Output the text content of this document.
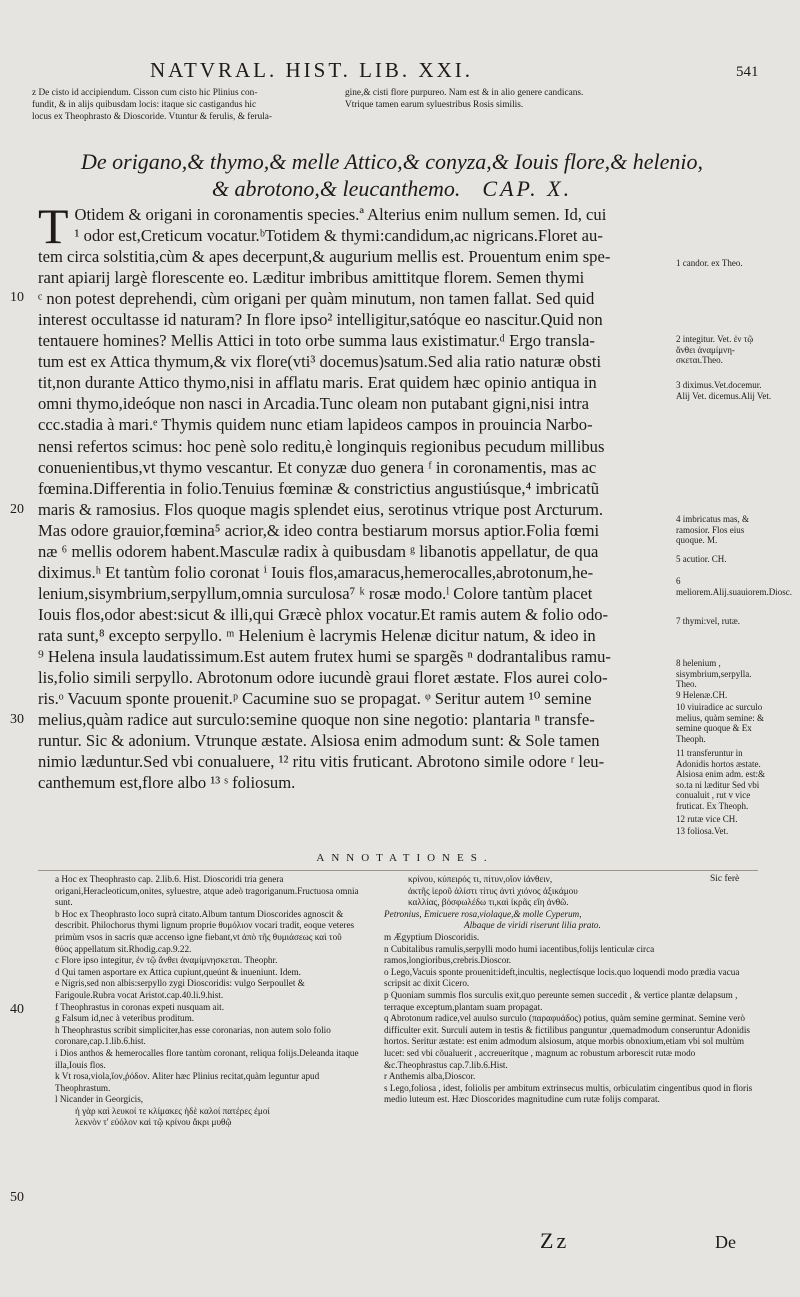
NATVRAL. HIST. LIB. XXI.	541
z De cisto id accipiendum. Cisson cum cisto hic Plinius con-
fundit, & in alijs quibusdam locis: itaque sic castigandus hic
locus ex Theophrasto & Dioscoride. Vtuntur & ferulis, & ferula-
gine,& cisti flore purpureo. Nam est & in alio genere candicans.
Vtrique tamen earum syluestribus Rosis similis.
De origano,& thymo,& melle Attico,& conyza,& Iouis flore,& helenio,
& abrotono,& leucanthemo. CAP. X.
T Otidem & origani in coronamentis species.ª Alterius enim nullum semen. Id, cui
¹ odor est,Creticum vocatur.ᵇTotidem & thymi:candidum,ac nigricans.Floret au-
tem circa solstitia,cùm & apes decerpunt,& augurium mellis est. Prouentum enim spe-
rant apiarij largè florescente eo. Læditur imbribus amittitque florem. Semen thymi
ᶜ non potest deprehendi, cùm origani per quàm minutum, non tamen fallat. Sed quid
interest occultasse id naturam? In flore ipso² intelligitur,satóque eo nascitur.Quid non
tentauere homines? Mellis Attici in toto orbe summa laus existimatur.ᵈ Ergo transla-
tum est ex Attica thymum,& vix flore(vti³ docemus)satum.Sed alia ratio naturæ obsti
tit,non durante Attico thymo,nisi in afflatu maris. Erat quidem hæc opinio antiqua in
omni thymo,ideóque non nasci in Arcadia.Tunc oleam non putabant gigni,nisi intra
ccc.stadia à mari.ᵉ Thymis quidem nunc etiam lapideos campos in prouincia Narbo-
nensi refertos scimus: hoc penè solo reditu,è longinquis regionibus pecudum millibus
conuenientibus,vt thymo vescantur. Et conyzæ duo genera ᶠ in coronamentis, mas ac
fœmina.Differentia in folio.Tenuius fœminæ & constrictius angustiúsque,⁴ imbricatũ
maris & ramosius. Flos quoque magis splendet eius, serotinus vtrique post Arcturum.
Mas odore grauior,fœmina⁵ acrior,& ideo contra bestiarum morsus aptior.Folia fœmi
næ ⁶ mellis odorem habent.Masculæ radix à quibusdam ᵍ libanotis appellatur, de qua
diximus.ʰ Et tantùm folio coronat ⁱ Iouis flos,amaracus,hemerocalles,abrotonum,he-
lenium,sisymbrium,serpyllum,omnia surculosa⁷ ᵏ rosæ modo.ˡ Colore tantùm placet
Iouis flos,odor abest:sicut & illi,qui Græcè phlox vocatur.Et ramis autem & folio odo-
rata sunt,⁸ excepto serpyllo. ᵐ Helenium è lacrymis Helenæ dicitur natum, & ideo in
⁹ Helena insula laudatissimum.Est autem frutex humi se spargẽs ⁿ dodrantalibus ramu-
lis,folio simili serpyllo. Abrotonum odore iucundè graui floret æstate. Flos aurei colo-
ris.ᵒ Vacuum sponte prouenit.ᵖ Cacumine suo se propagat. ᵠ Seritur autem ¹⁰ semine
melius,quàm radice aut surculo:semine quoque non sine negotio: plantaria ⁿ transfe-
runtur. Sic & adonium. Vtrunque æstate. Alsiosa enim admodum sunt: & Sole tamen
nimio læduntur.Sed vbi conualuere, ¹² ritu vitis fruticant. Abrotono simile odore ʳ leu-
canthemum est,flore albo ¹³ ˢ foliosum.
10
20
30
40
50
1 candor. ex Theo.
2 integitur. Vet. ἐν τῷ ἄνθει ἀναμίμνη-σκεται.Theo.
3 diximus.Vet.docemur. Alij Vet. dicemus.Alij Vet.
4 imbricatus mas, & ramosior. Flos eius quoque. M.
5 acutior. CH.
6 meliorem.Alij.suauiorem.Diosc.
7 thymi:vel, rutæ.
8 helenium , sisymbrium,serpylla. Theo.
9 Helenæ.CH.
10 viuiradice ac surculo melius, quàm semine: & semine quoque & Ex Theoph.
11 transferuntur in Adonidis hortos æstate. Alsiosa enim adm. est:& so.ta ni læditur Sed vbi conualuit , rut v vice fruticat. Ex Theoph.
12 rutæ vice CH.
13 foliosa.Vet.
ANNOTATIONES.

a Hoc ex Theophrasto cap. 2.lib.6. Hist. Dioscoridi tria genera origani,Heracleoticum,onites, syluestre, atque adeò tragoriganum.Fructuosa omnia sunt.

b Hoc ex Theophrasto loco suprà citato.Album tantum Dioscorides agnoscit & describit. Philochorus thymi lignum proprie θυμόλιον vocari tradit, eoque veteres primùm vsos in sacris quæ accenso igne fiebant,vt ἀπὸ τῆς θυμιάσεως καὶ τοῦ θύος appellatum sit.Rhodig.cap.9.22.

c Flore ipso integitur, ἐν τῷ ἄνθει ἀναμίμνησκεται. Theophr.

d Qui tamen asportare ex Attica cupiunt,queúnt & inueniunt. Idem.

e Nigris,sed non albis:serpyllo zygi Dioscoridis: vulgo Serpoullet & Farigoule.Rubra vocat Aristot.cap.40.li.9.hist.

f Theophrastus in coronas expeti nusquam ait.

g Falsum id,nec à veteribus proditum.

h Theophrastus scribit simpliciter,has esse coronarias, non autem solo folio coronare,cap.1.lib.6.hist.

i Dios anthos & hemerocalles flore tantùm coronant, reliqua folijs.Deleanda itaque illa,Iouis flos.

k Vt rosa,viola,ἴον,ῥόδον. Aliter hæc Plinius recitat,quàm leguntur apud Theophrastum.

l Nicander in Georgicis,

ἠ γὰρ καὶ λευκοί τε κλίμακες ἠδὲ καλοί πατέρες ἐμοί

λεκνὸν τ' εὐόλον καὶ τῷ κρίνου ἄκρι μυθῷ

κρίνου, κύπειρός τι, πίτυν,οἵον ἰάνθειν,

ἀκτῆς ἱεροῦ ἁλίστι τίτυς ἀντὶ χιόνος ἀξικάμου

καλλίας, βόσφωλέδω τι,καὶ ἰκρᾶς εἴη ἀνθῶ.

Petronius, Emicuere rosa,violaque,& molle Cyperum,

Albaque de viridi riserunt lilia prato.

m Ægyptium Dioscoridis.

n Cubitalibus ramulis,serpylli modo humi iacentibus,folijs lenticulæ circa ramos,longioribus,crebris.Dioscor.

o Lego,Vacuis sponte prouenit:ideft,incultis, neglectísque locis.quo loquendi modo prædia vacua scripsit ac dixit Cicero.

p Quoniam summis flos surculis exit,quo pereunte semen succedit , & vertice plantæ delapsum , terraque exceptum,plantam suam propagat.

q Abrotonum radice,vel auulso surculo (παραφυάδος) potius, quàm semine germinat. Semine verò difficulter exit. Surculi autem in testis & fictilibus panguntur ,quemadmodum conseruntur Adonidis hortos. Seritur æstate: est enim admodum alsiosum, atque morbis obnoxium,etiam vbi sol multùm lucet: sed vbi cõualuerit , accreuerítque , magnum ac robustum arborescit rutæ modo &c.Theophrastus cap.7.lib.6.Hist.

r Anthemis alba,Dioscor.

s Lego,foliosa , idest, foliolis per ambitum extrinsecus multis, orbiculatim cingentibus quod in floris medio luteum est. Hæc Dioscorides magnitudine cum rutæ folijs comparat.

Sic ferè
Zz	De
